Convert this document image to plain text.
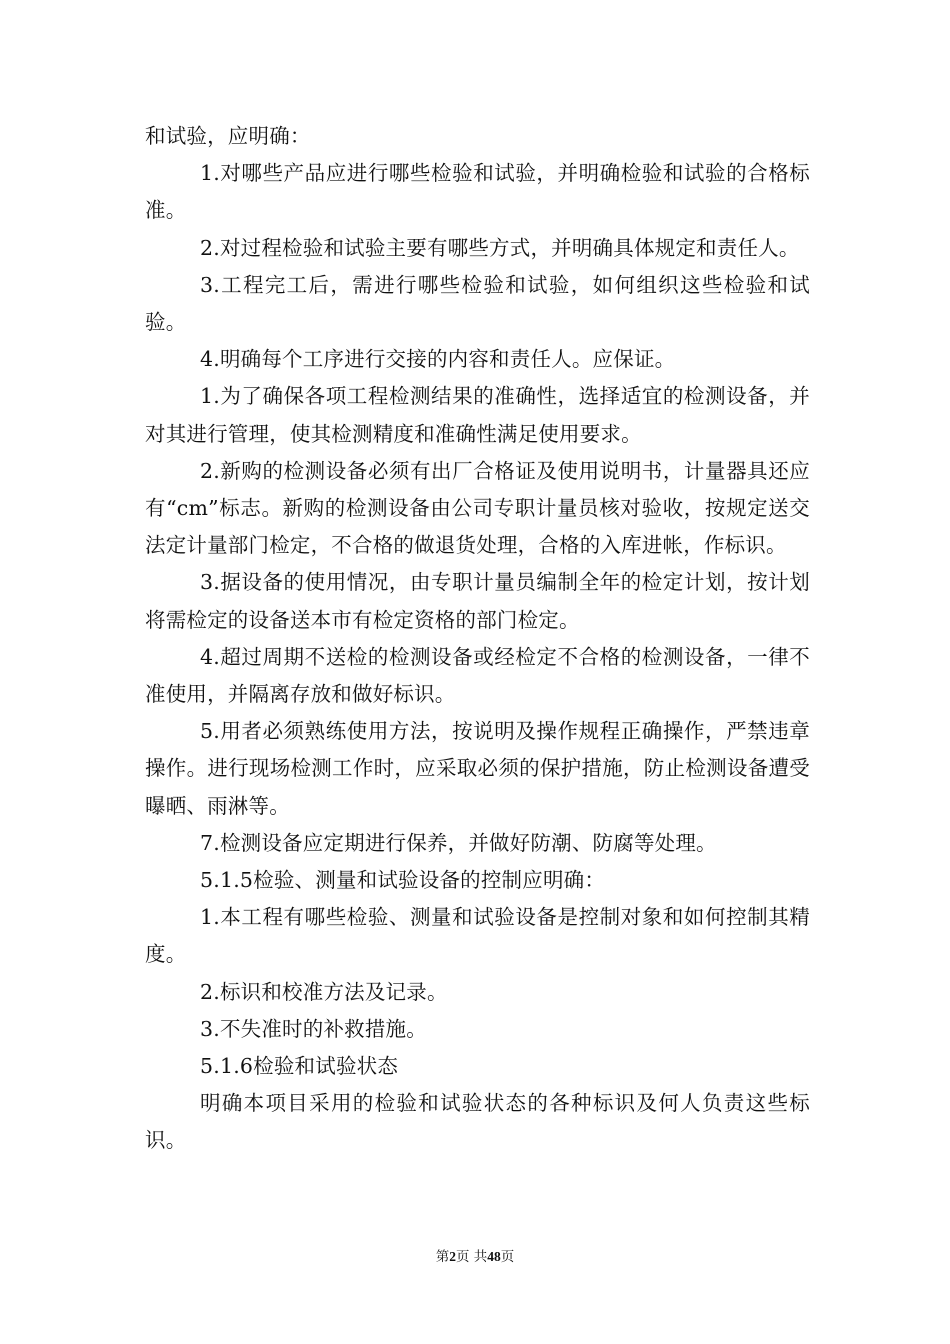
和试验，应明确：

1.对哪些产品应进行哪些检验和试验，并明确检验和试验的合格标准。

2.对过程检验和试验主要有哪些方式，并明确具体规定和责任人。

3.工程完工后，需进行哪些检验和试验，如何组织这些检验和试验。

4.明确每个工序进行交接的内容和责任人。应保证。

1.为了确保各项工程检测结果的准确性，选择适宜的检测设备，并对其进行管理，使其检测精度和准确性满足使用要求。

2.新购的检测设备必须有出厂合格证及使用说明书，计量器具还应有“cm”标志。新购的检测设备由公司专职计量员核对验收，按规定送交法定计量部门检定，不合格的做退货处理，合格的入库进帐，作标识。

3.据设备的使用情况，由专职计量员编制全年的检定计划，按计划将需检定的设备送本市有检定资格的部门检定。

4.超过周期不送检的检测设备或经检定不合格的检测设备，一律不准使用，并隔离存放和做好标识。

5.用者必须熟练使用方法，按说明及操作规程正确操作，严禁违章操作。进行现场检测工作时，应采取必须的保护措施，防止检测设备遭受曝晒、雨淋等。

7.检测设备应定期进行保养，并做好防潮、防腐等处理。

5.1.5检验、测量和试验设备的控制应明确：

1.本工程有哪些检验、测量和试验设备是控制对象和如何控制其精度。

2.标识和校准方法及记录。

3.不失准时的补救措施。

5.1.6检验和试验状态

明确本项目采用的检验和试验状态的各种标识及何人负责这些标识。

第2页 共48页
